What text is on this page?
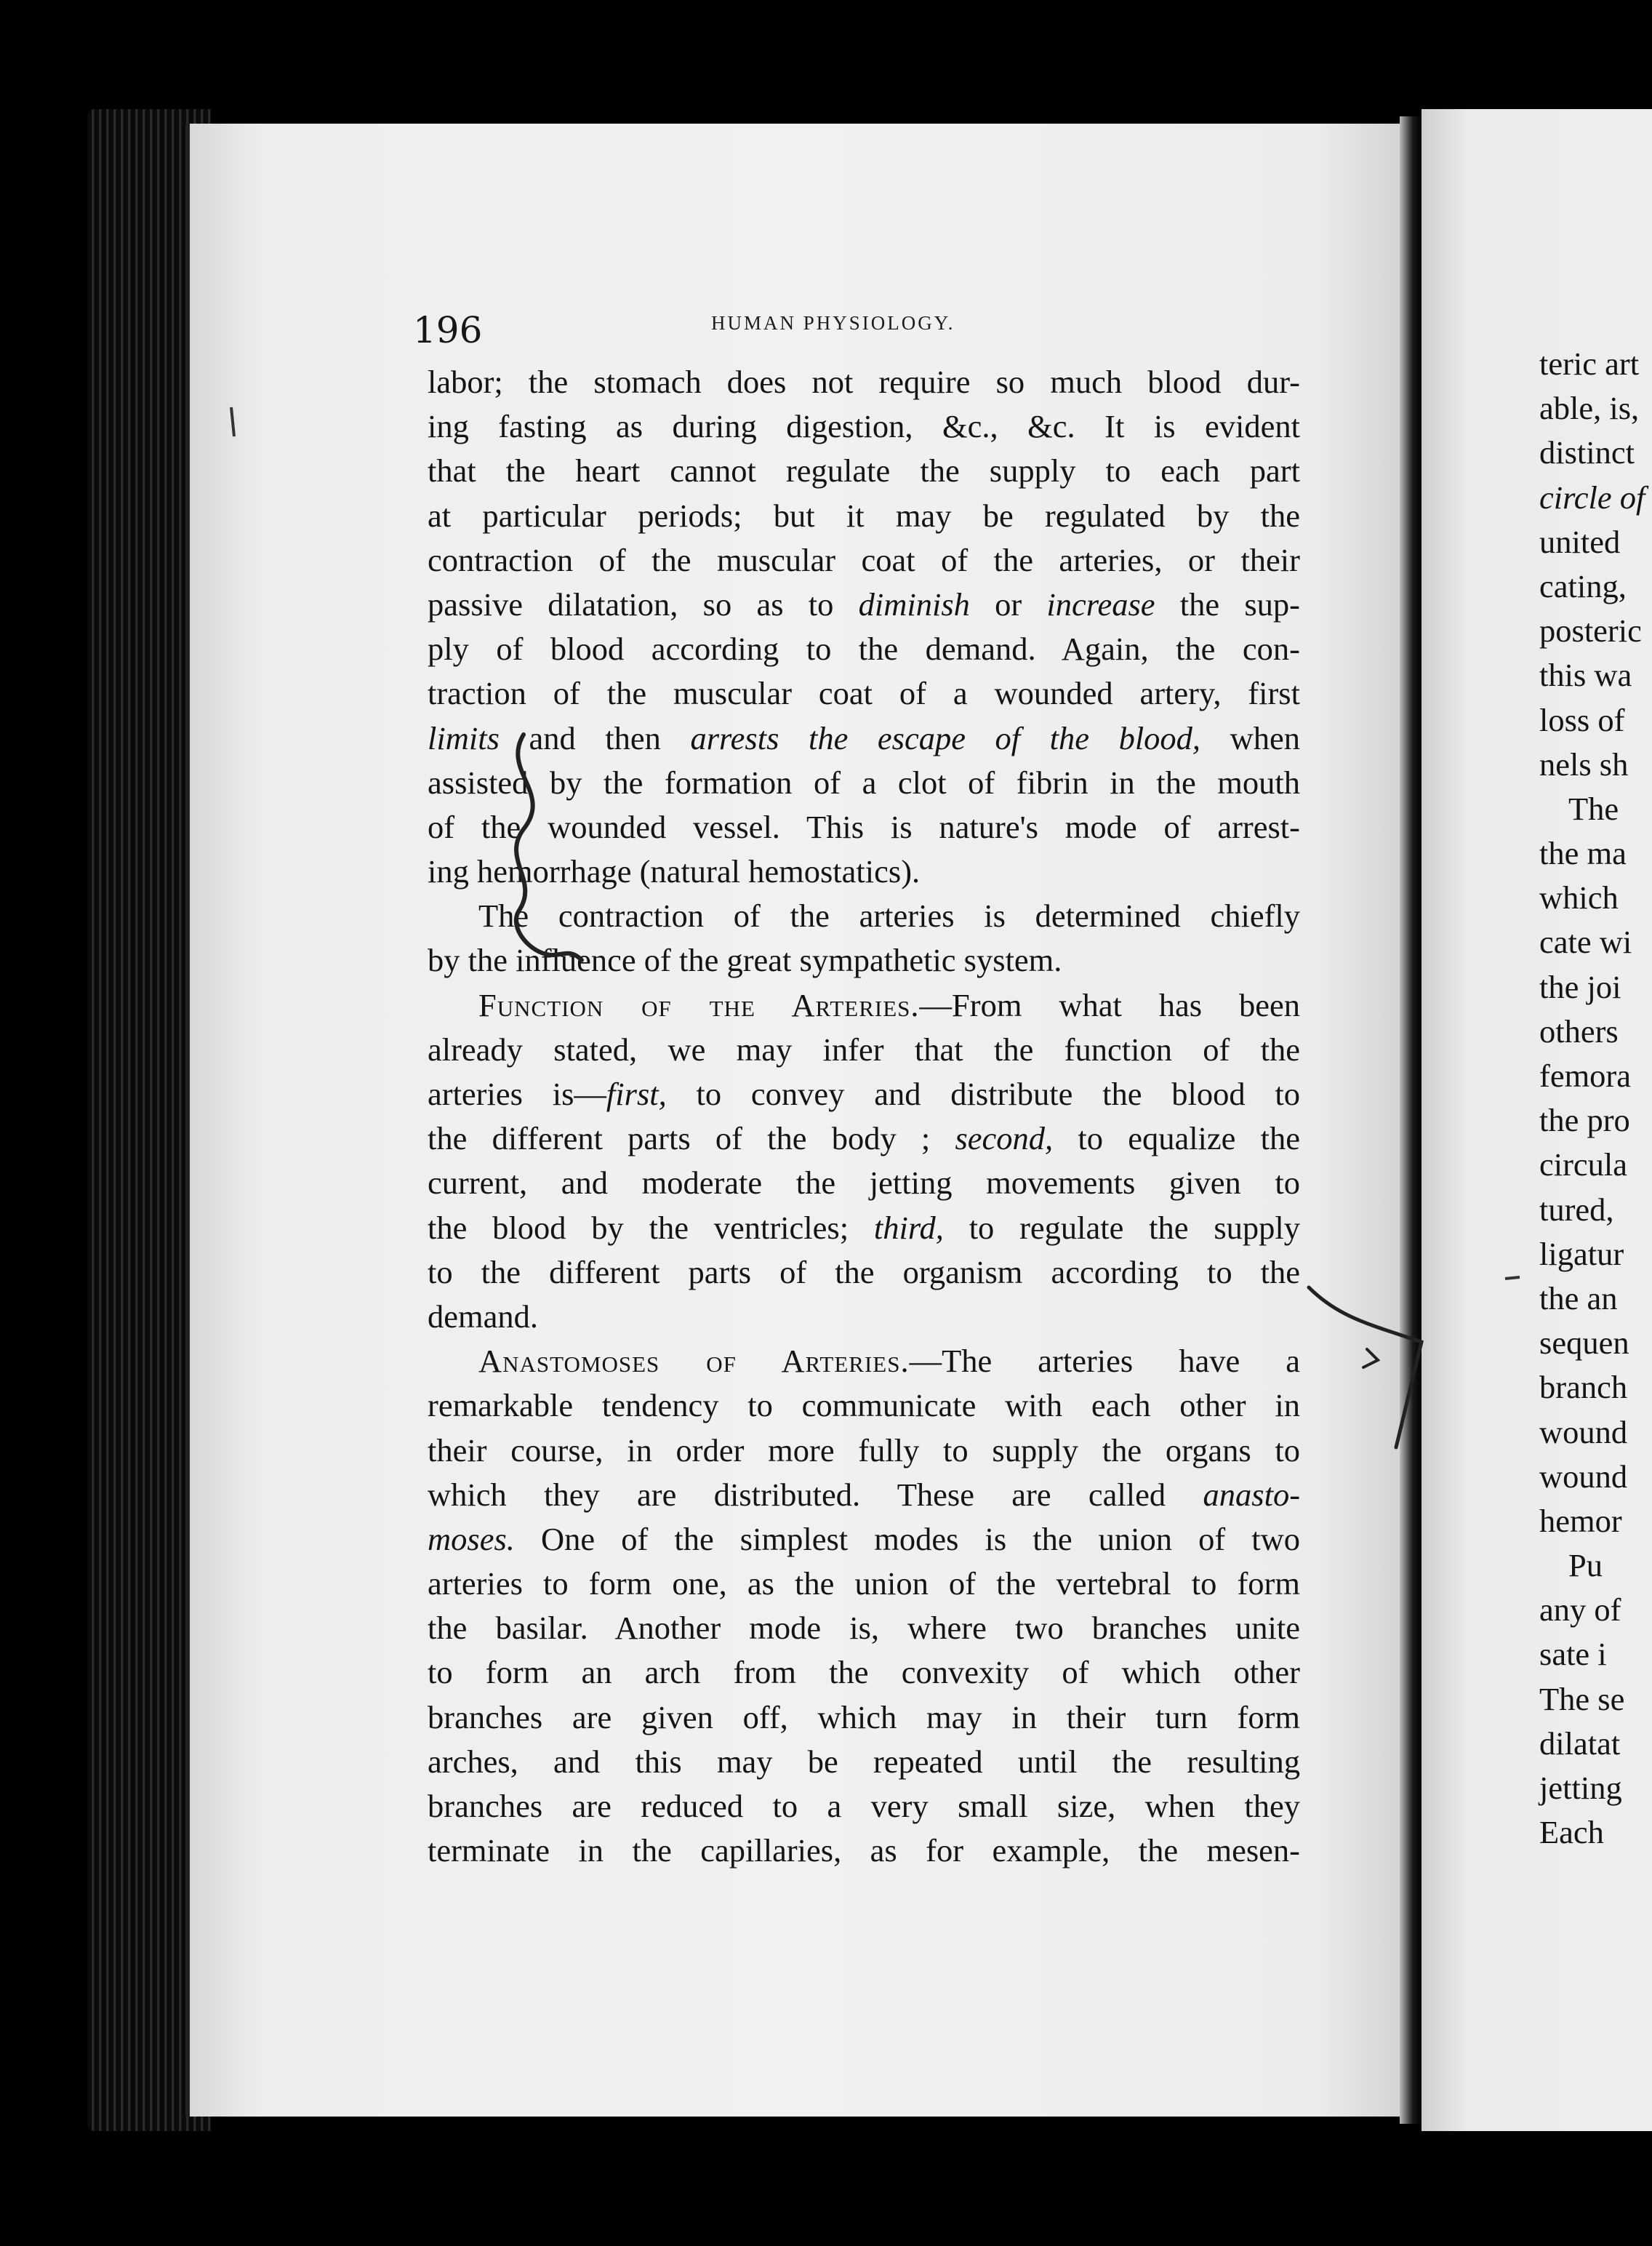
teric art
able, is,
distinct
circle of
united
cating,
posteric
this wa
loss of
nels sh
The
the ma
which
cate wi
the joi
others
femora
the pro
circula
tured,
ligatur
the an
sequen
branch
wound
wound
hemor
Pu
any of
sate i
The se
dilatat
jetting
Each
196	HUMAN PHYSIOLOGY.
labor; the stomach does not require so much blood dur-
ing fasting as during digestion, &c., &c. It is evident
that the heart cannot regulate the supply to each part
at particular periods; but it may be regulated by the
contraction of the muscular coat of the arteries, or their
passive dilatation, so as to diminish or increase the sup-
ply of blood according to the demand. Again, the con-
traction of the muscular coat of a wounded artery, first
limits and then arrests the escape of the blood, when
assisted by the formation of a clot of fibrin in the mouth
of the wounded vessel. This is nature's mode of arrest-
ing hemorrhage (natural hemostatics).
The contraction of the arteries is determined chiefly
by the influence of the great sympathetic system.
Function of the Arteries.—From what has been
already stated, we may infer that the function of the
arteries is—first, to convey and distribute the blood to
the different parts of the body ; second, to equalize the
current, and moderate the jetting movements given to
the blood by the ventricles; third, to regulate the supply
to the different parts of the organism according to the
demand.
Anastomoses of Arteries.—The arteries have a
remarkable tendency to communicate with each other in
their course, in order more fully to supply the organs to
which they are distributed. These are called anasto-
moses. One of the simplest modes is the union of two
arteries to form one, as the union of the vertebral to form
the basilar. Another mode is, where two branches unite
to form an arch from the convexity of which other
branches are given off, which may in their turn form
arches, and this may be repeated until the resulting
branches are reduced to a very small size, when they
terminate in the capillaries, as for example, the mesen-
